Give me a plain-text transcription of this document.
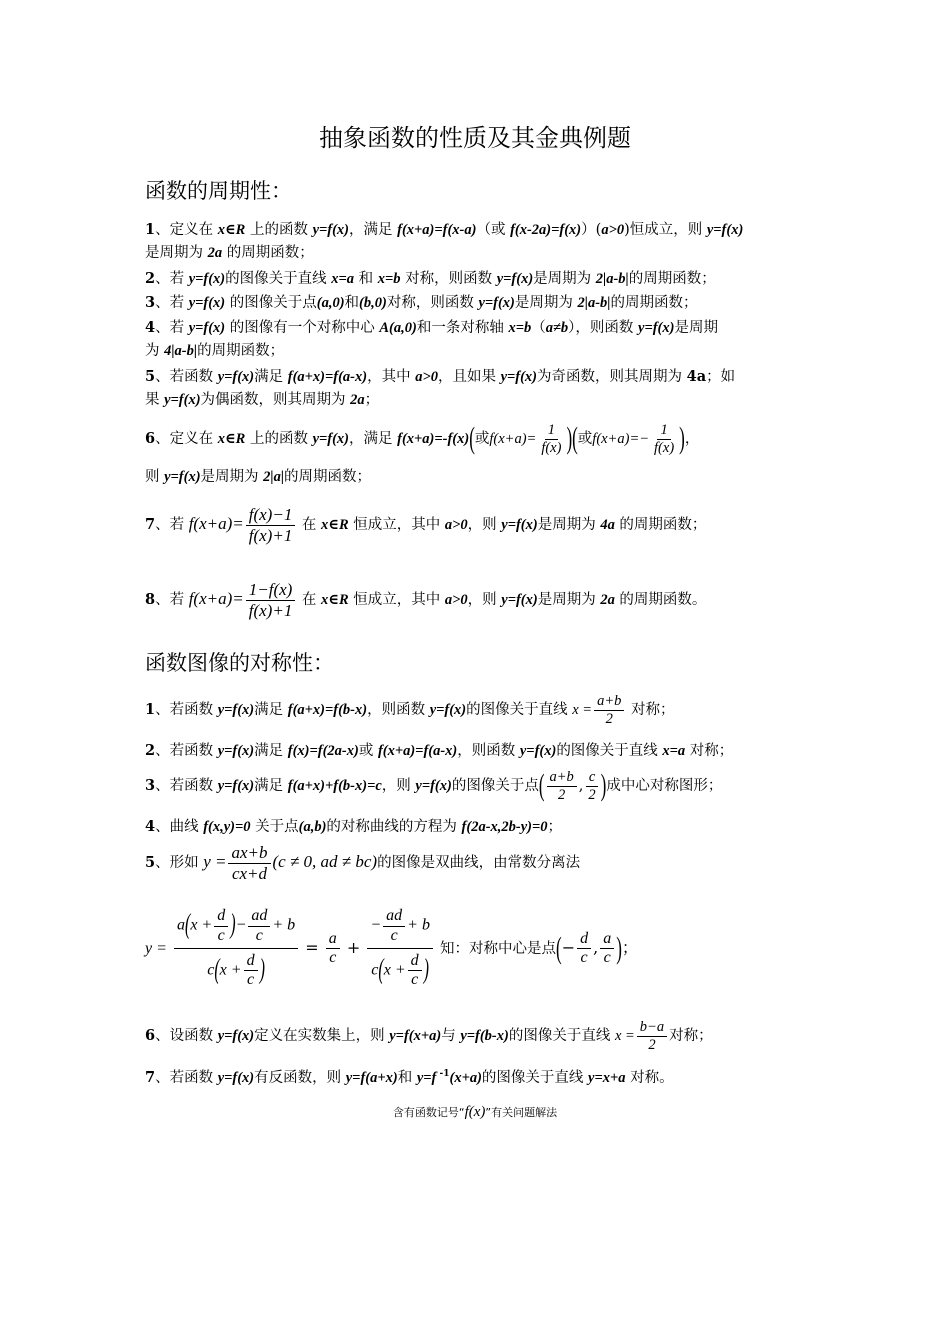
抽象函数的性质及其金典例题
函数的周期性：
1、定义在 x∈R 上的函数 y=f(x)，满足 f(x+a)=f(x-a)（或 f(x-2a)=f(x)）(a>0)恒成立，则 y=f(x)
是周期为 2a 的周期函数；
2、若 y=f(x)的图像关于直线 x=a 和 x=b 对称，则函数 y=f(x)是周期为 2|a-b|的周期函数；
3、若 y=f(x) 的图像关于点(a,0)和(b,0)对称，则函数 y=f(x)是周期为 2|a-b|的周期函数；
4、若 y=f(x) 的图像有一个对称中心 A(a,0)和一条对称轴 x=b（a≠b），则函数 y=f(x)是周期
为 4|a-b|的周期函数；
5、若函数 y=f(x)满足 f(a+x)=f(a-x)，其中 a>0，且如果 y=f(x)为奇函数，则其周期为 4a；如
果 y=f(x)为偶函数，则其周期为 2a；
6、定义在 x∈R 上的函数 y=f(x)，满足 f(x+a)=-f(x)(或$f(x+a)= \frac{1}{f(x)}$ )(或$f(x+a)=- \frac{1}{f(x)}$ )，
则 y=f(x)是周期为 2|a|的周期函数；
7、若 $f(x+a)= \frac{f(x)-1}{f(x)+1}$ 在 x∈R 恒成立，其中 a>0，则 y=f(x)是周期为 4a 的周期函数；
8、若 $f(x+a)= \frac{1-f(x)}{f(x)+1}$ 在 x∈R 恒成立，其中 a>0，则 y=f(x)是周期为 2a 的周期函数。
函数图像的对称性：
1、若函数 y=f(x)满足 f(a+x)=f(b-x)，则函数 y=f(x)的图像关于直线 $x = \frac{a+b}{2}$ 对称；
2、若函数 y=f(x)满足 f(x)=f(2a-x)或 f(x+a)=f(a-x)，则函数 y=f(x)的图像关于直线 x=a 对称；
3、若函数 y=f(x)满足 f(a+x)+f(b-x)=c，则 y=f(x)的图像关于点( $\frac{a+b}{2}$ , $\frac{c}{2}$ )成中心对称图形；
4、曲线 f(x,y)=0 关于点(a,b)的对称曲线的方程为 f(2a-x,2b-y)=0；
5、形如 $y = \frac{ax+b}{cx+d} (c \ne 0$, ad ≠ bc)的图像是双曲线，由常数分离法
$y = \frac{a(x + \frac{d}{c} )- \frac{ad}{c} + b}{c(x + \frac{d}{c} )} = \frac{a}{c} + \frac{- \frac{ad}{c} + b}{c(x + \frac{d}{c} )}$ 知：对称中心是点(− $\frac{d}{c}$ , $\frac{a}{c}$ )；
6、设函数 y=f(x)定义在实数集上，则 y=f(x+a)与 y=f(b-x)的图像关于直线 $x = \frac{b-a}{2}$ 对称；
7、若函数 y=f(x)有反函数，则 y=f(a+x)和 y=f $^{-1}$(x+a)的图像关于直线 y=x+a 对称。
含有函数记号“f(x)”有关问题解法
